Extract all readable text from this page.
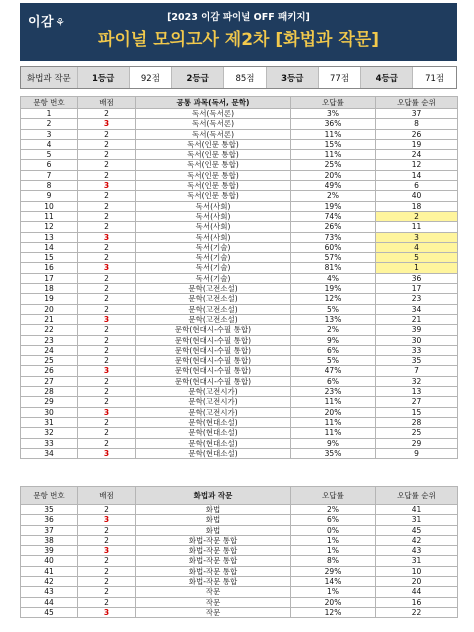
이감⚘	[2023 이감 파이널 OFF 패키지]
파이널 모의고사 제2차 [화법과 작문]
화법과 작문	1등급	92점	2등급	85점	3등급	77점	4등급	71점
문항 번호	배점	공통 과목(독서, 문학)	오답률	오답률 순위
1	2	독서(독서론)	3%	37
2	3	독서(독서론)	36%	8
3	2	독서(독서론)	11%	26
4	2	독서(인문 통합)	15%	19
5	2	독서(인문 통합)	11%	24
6	2	독서(인문 통합)	25%	12
7	2	독서(인문 통합)	20%	14
8	3	독서(인문 통합)	49%	6
9	2	독서(인문 통합)	2%	40
10	2	독서(사회)	19%	18
11	2	독서(사회)	74%	2
12	2	독서(사회)	26%	11
13	3	독서(사회)	73%	3
14	2	독서(기술)	60%	4
15	2	독서(기술)	57%	5
16	3	독서(기술)	81%	1
17	2	독서(기술)	4%	36
18	2	문학(고전소설)	19%	17
19	2	문학(고전소설)	12%	23
20	2	문학(고전소설)	5%	34
21	3	문학(고전소설)	13%	21
22	2	문학(현대시-수필 통합)	2%	39
23	2	문학(현대시-수필 통합)	9%	30
24	2	문학(현대시-수필 통합)	6%	33
25	2	문학(현대시-수필 통합)	5%	35
26	3	문학(현대시-수필 통합)	47%	7
27	2	문학(현대시-수필 통합)	6%	32
28	2	문학(고전시가)	23%	13
29	2	문학(고전시가)	11%	27
30	3	문학(고전시가)	20%	15
31	2	문학(현대소설)	11%	28
32	2	문학(현대소설)	11%	25
33	2	문학(현대소설)	9%	29
34	3	문학(현대소설)	35%	9
문항 번호	배점	화법과 작문	오답률	오답률 순위
35	2	화법	2%	41
36	3	화법	6%	31
37	2	화법	0%	45
38	2	화법-작문 통합	1%	42
39	3	화법-작문 통합	1%	43
40	2	화법-작문 통합	8%	31
41	2	화법-작문 통합	29%	10
42	2	화법-작문 통합	14%	20
43	2	작문	1%	44
44	2	작문	20%	16
45	3	작문	12%	22
